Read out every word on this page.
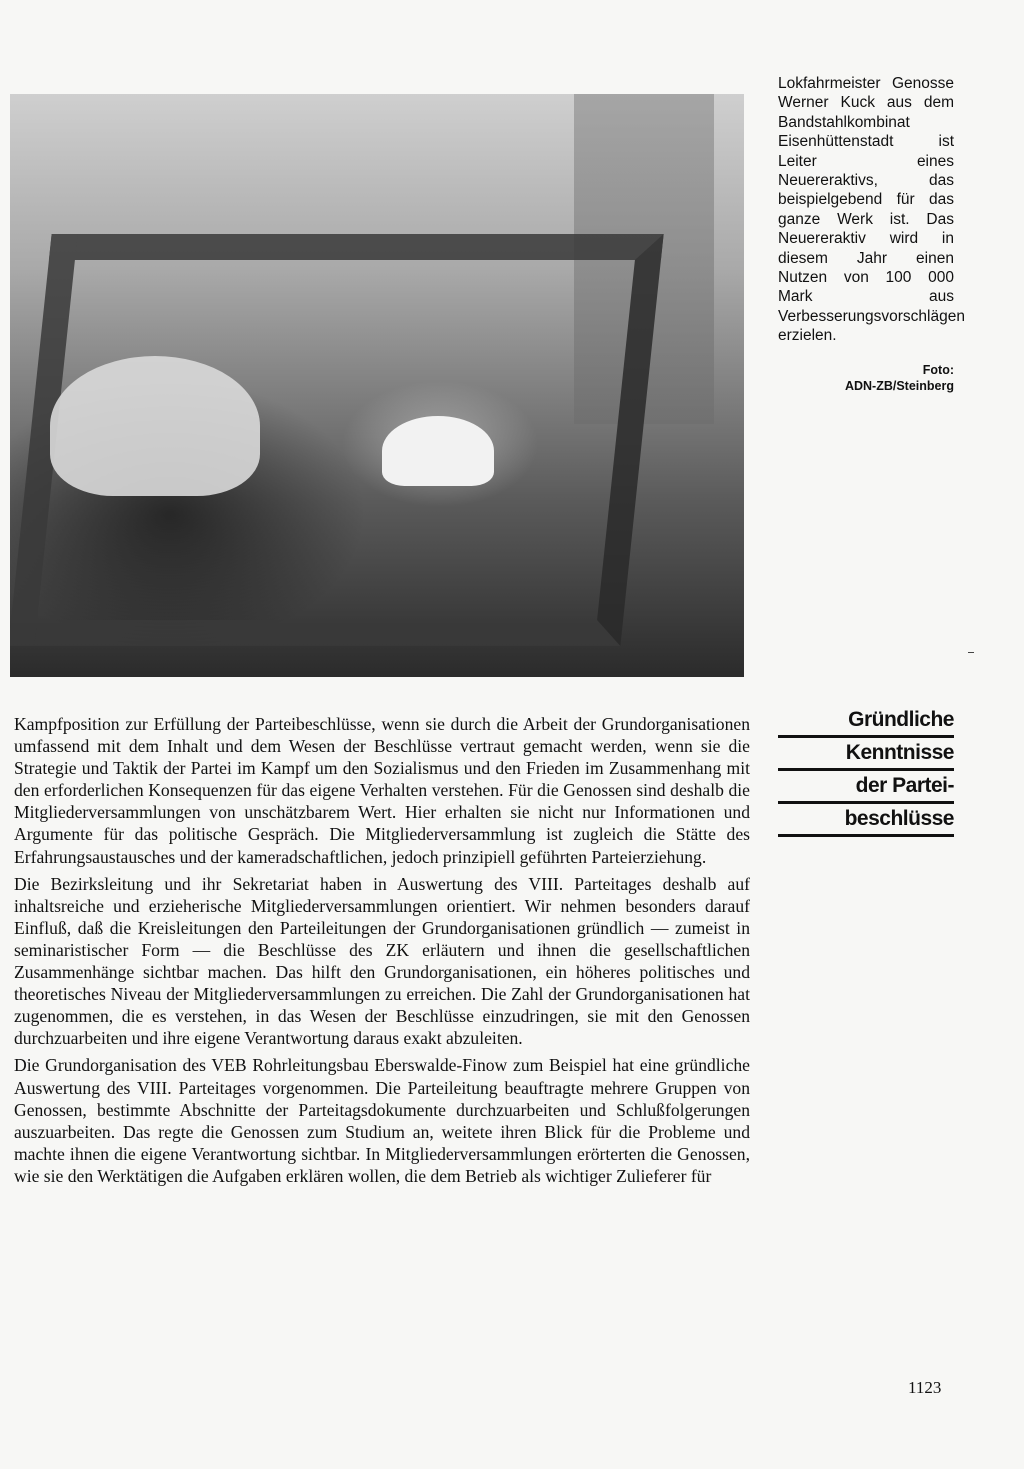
Lokfahrmeister Genosse Werner Kuck aus dem Bandstahlkombinat Eisenhüttenstadt ist Leiter eines Neuereraktivs, das beispielgebend für das ganze Werk ist. Das Neuereraktiv wird in diesem Jahr einen Nutzen von 100 000 Mark aus Verbesserungsvorschlägen erzielen.
Foto:
ADN-ZB/Steinberg
Gründliche
Kenntnisse
der Partei-
beschlüsse

Kampfposition zur Erfüllung der Parteibeschlüsse, wenn sie durch die Arbeit der Grundorganisationen umfassend mit dem Inhalt und dem Wesen der Beschlüsse vertraut gemacht werden, wenn sie die Strategie und Taktik der Partei im Kampf um den Sozialismus und den Frieden im Zusammenhang mit den erforderlichen Konsequenzen für das eigene Verhalten verstehen. Für die Genossen sind deshalb die Mitgliederversammlungen von unschätzbarem Wert. Hier erhalten sie nicht nur Informationen und Argumente für das politische Gespräch. Die Mitgliederversammlung ist zugleich die Stätte des Erfahrungsaustausches und der kameradschaftlichen, jedoch prinzipiell geführten Parteierziehung.

Die Bezirksleitung und ihr Sekretariat haben in Auswertung des VIII. Parteitages deshalb auf inhaltsreiche und erzieherische Mitgliederversammlungen orientiert. Wir nehmen besonders darauf Einfluß, daß die Kreisleitungen den Parteileitungen der Grundorganisationen gründlich — zumeist in seminaristischer Form — die Beschlüsse des ZK erläutern und ihnen die gesellschaftlichen Zusammenhänge sichtbar machen. Das hilft den Grundorganisationen, ein höheres politisches und theoretisches Niveau der Mitgliederversammlungen zu erreichen. Die Zahl der Grundorganisationen hat zugenommen, die es verstehen, in das Wesen der Beschlüsse einzudringen, sie mit den Genossen durchzuarbeiten und ihre eigene Verantwortung daraus exakt abzuleiten.

Die Grundorganisation des VEB Rohrleitungsbau Eberswalde-Finow zum Beispiel hat eine gründliche Auswertung des VIII. Parteitages vorgenommen. Die Parteileitung beauftragte mehrere Gruppen von Genossen, bestimmte Abschnitte der Parteitagsdokumente durchzuarbeiten und Schlußfolgerungen auszuarbeiten. Das regte die Genossen zum Studium an, weitete ihren Blick für die Probleme und machte ihnen die eigene Verantwortung sichtbar. In Mitgliederversammlungen erörterten die Genossen, wie sie den Werktätigen die Aufgaben erklären wollen, die dem Betrieb als wichtiger Zulieferer für

1123
